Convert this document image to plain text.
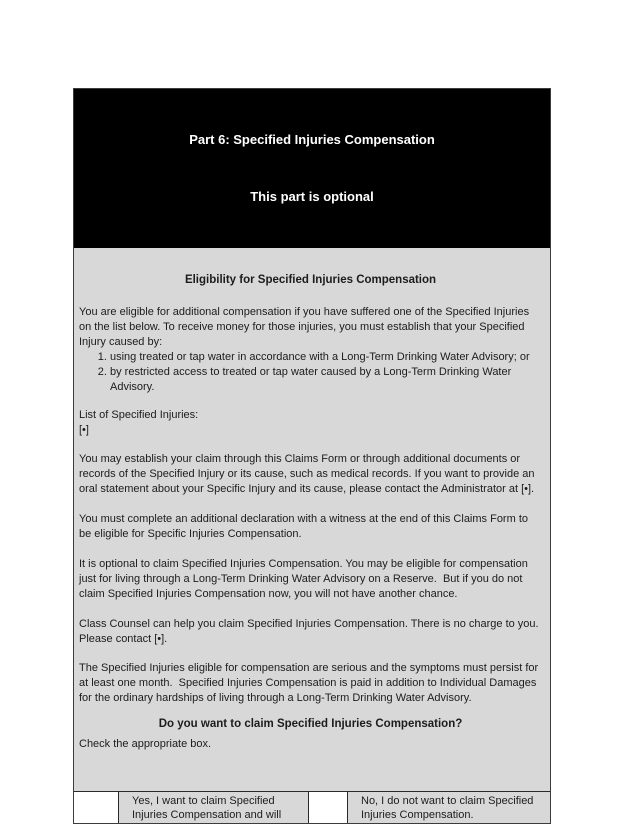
Part 6: Specified Injuries Compensation

This part is optional

Eligibility for Specified Injuries Compensation

You are eligible for additional compensation if you have suffered one of the Specified Injuries on the list below. To receive money for those injuries, you must establish that your Specified Injury caused by:

1. using treated or tap water in accordance with a Long-Term Drinking Water Advisory; or
2. by restricted access to treated or tap water caused by a Long-Term Drinking Water Advisory.

List of Specified Injuries:

[•]

You may establish your claim through this Claims Form or through additional documents or records of the Specified Injury or its cause, such as medical records. If you want to provide an oral statement about your Specific Injury and its cause, please contact the Administrator at [•].

You must complete an additional declaration with a witness at the end of this Claims Form to be eligible for Specific Injuries Compensation.

It is optional to claim Specified Injuries Compensation. You may be eligible for compensation just for living through a Long-Term Drinking Water Advisory on a Reserve.  But if you do not claim Specified Injuries Compensation now, you will not have another chance.

Class Counsel can help you claim Specified Injuries Compensation. There is no charge to you.  Please contact [•].

The Specified Injuries eligible for compensation are serious and the symptoms must persist for at least one month.  Specified Injuries Compensation is paid in addition to Individual Damages for the ordinary hardships of living through a Long-Term Drinking Water Advisory.

Do you want to claim Specified Injuries Compensation?

Check the appropriate box.

Yes, I want to claim Specified Injuries Compensation and will
No, I do not want to claim Specified Injuries Compensation.
